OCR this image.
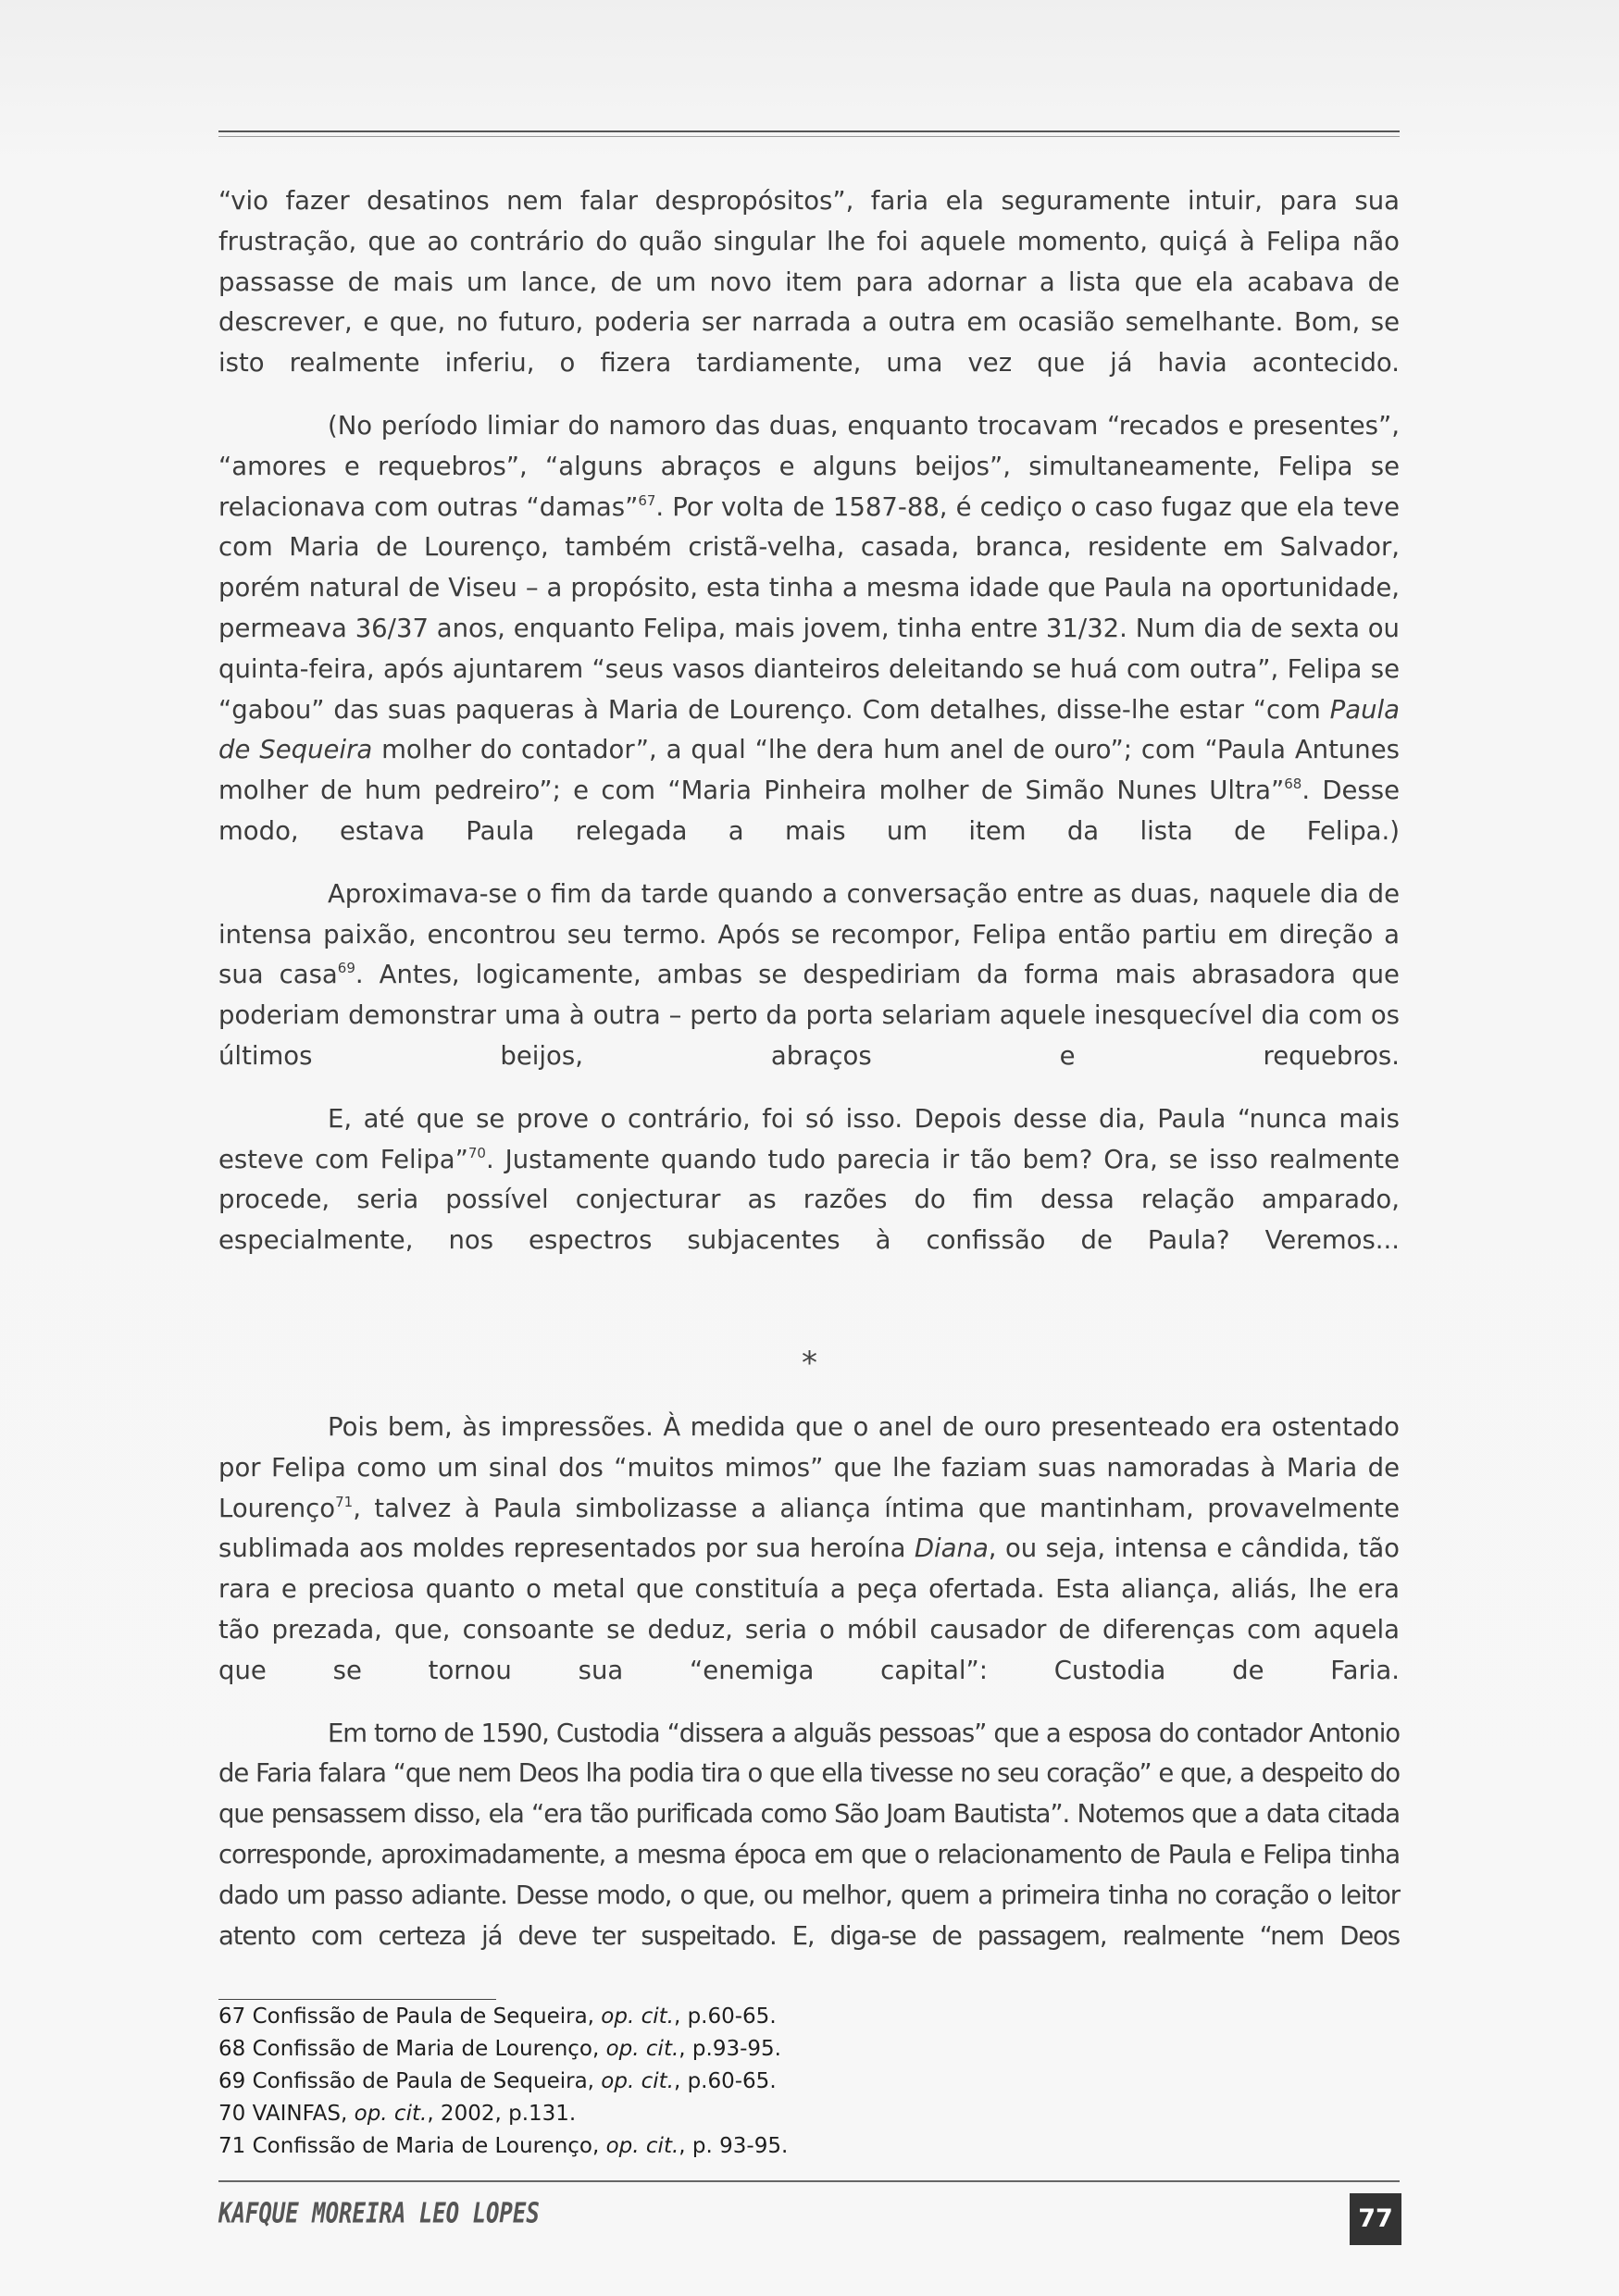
“vio fazer desatinos nem falar despropósitos”, faria ela seguramente intuir, para sua frustração, que ao contrário do quão singular lhe foi aquele momento, quiçá à Felipa não passasse de mais um lance, de um novo item para adornar a lista que ela acabava de descrever, e que, no futuro, poderia ser narrada a outra em ocasião semelhante. Bom, se isto realmente inferiu, o fizera tardiamente, uma vez que já havia acontecido.

(No período limiar do namoro das duas, enquanto trocavam “recados e presentes”, “amores e requebros”, “alguns abraços e alguns beijos”, simultaneamente, Felipa se relacionava com outras “damas”$^{67}$. Por volta de 1587-88, é cediço o caso fugaz que ela teve com Maria de Lourenço, também cristã-velha, casada, branca, residente em Salvador, porém natural de Viseu – a propósito, esta tinha a mesma idade que Paula na oportunidade, permeava 36/37 anos, enquanto Felipa, mais jovem, tinha entre 31/32. Num dia de sexta ou quinta-feira, após ajuntarem “seus vasos dianteiros deleitando se huá com outra”, Felipa se “gabou” das suas paqueras à Maria de Lourenço. Com detalhes, disse-lhe estar “com Paula de Sequeira molher do contador”, a qual “lhe dera hum anel de ouro”; com “Paula Antunes molher de hum pedreiro”; e com “Maria Pinheira molher de Simão Nunes Ultra”$^{68}$. Desse modo, estava Paula relegada a mais um item da lista de Felipa.)

Aproximava-se o fim da tarde quando a conversação entre as duas, naquele dia de intensa paixão, encontrou seu termo. Após se recompor, Felipa então partiu em direção a sua casa$^{69}$. Antes, logicamente, ambas se despediriam da forma mais abrasadora que poderiam demonstrar uma à outra – perto da porta selariam aquele inesquecível dia com os últimos beijos, abraços e requebros.

E, até que se prove o contrário, foi só isso. Depois desse dia, Paula “nunca mais esteve com Felipa”$^{70}$. Justamente quando tudo parecia ir tão bem? Ora, se isso realmente procede, seria possível conjecturar as razões do fim dessa relação amparado, especialmente, nos espectros subjacentes à confissão de Paula? Veremos...

*

Pois bem, às impressões. À medida que o anel de ouro presenteado era ostentado por Felipa como um sinal dos “muitos mimos” que lhe faziam suas namoradas à Maria de Lourenço$^{71}$, talvez à Paula simbolizasse a aliança íntima que mantinham, provavelmente sublimada aos moldes representados por sua heroína Diana, ou seja, intensa e cândida, tão rara e preciosa quanto o metal que constituía a peça ofertada. Esta aliança, aliás, lhe era tão prezada, que, consoante se deduz, seria o móbil causador de diferenças com aquela que se tornou sua “enemiga capital”: Custodia de Faria.

Em torno de 1590, Custodia “dissera a alguãs pessoas” que a esposa do contador Antonio de Faria falara “que nem Deos lha podia tira o que ella tivesse no seu coração” e que, a despeito do que pensassem disso, ela “era tão purificada como São Joam Bautista”. Notemos que a data citada corresponde, aproximadamente, a mesma época em que o relacionamento de Paula e Felipa tinha dado um passo adiante. Desse modo, o que, ou melhor, quem a primeira tinha no coração o leitor atento com certeza já deve ter suspeitado. E, diga-se de passagem, realmente “nem Deos

67 Confissão de Paula de Sequeira, op. cit., p.60-65.
68 Confissão de Maria de Lourenço, op. cit., p.93-95.
69 Confissão de Paula de Sequeira, op. cit., p.60-65.
70 VAINFAS, op. cit., 2002, p.131.
71 Confissão de Maria de Lourenço, op. cit., p. 93-95.
KAFQUE MOREIRA LEO LOPES	77
